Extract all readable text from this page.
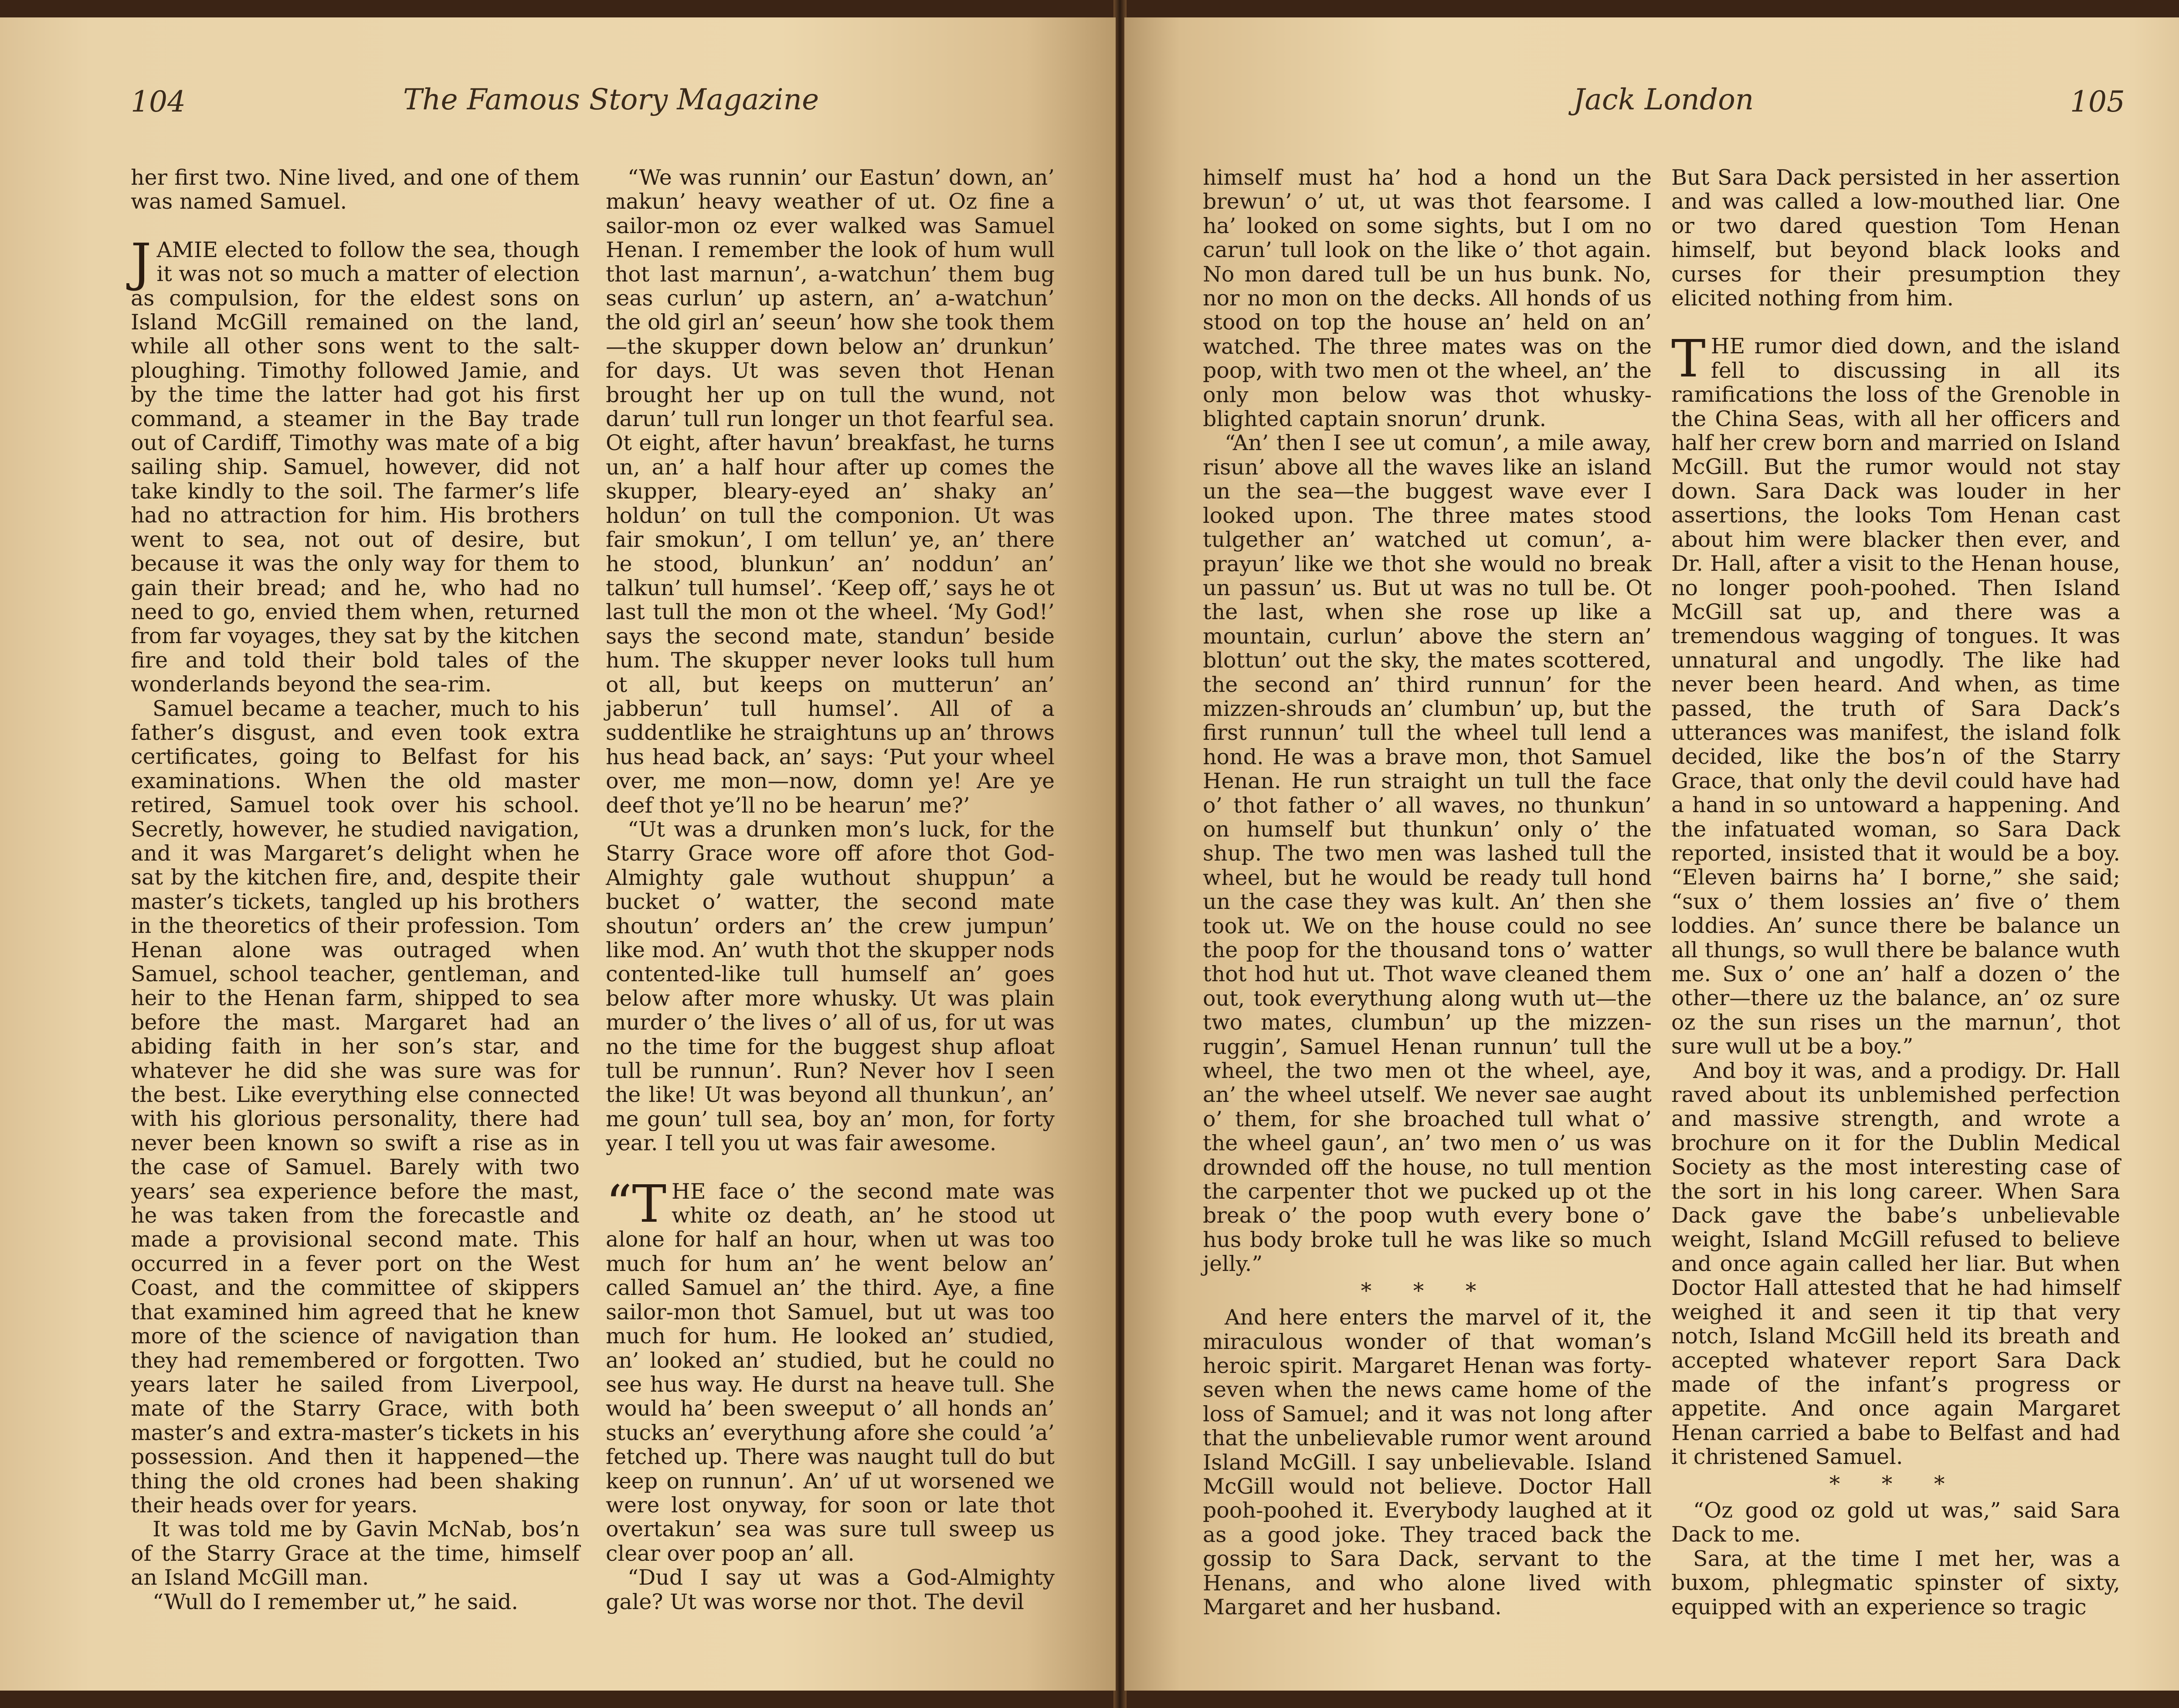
104	The Famous Story Magazine

her first two. Nine lived, and one of them was named Samuel.

JAMIE elected to follow the sea, though it was not so much a matter of election as compulsion, for the eldest sons on Island McGill remained on the land, while all other sons went to the salt-ploughing. Timothy followed Jamie, and by the time the latter had got his first command, a steamer in the Bay trade out of Cardiff, Timothy was mate of a big sailing ship. Samuel, however, did not take kindly to the soil. The farmer’s life had no attraction for him. His brothers went to sea, not out of desire, but because it was the only way for them to gain their bread; and he, who had no need to go, envied them when, returned from far voyages, they sat by the kitchen fire and told their bold tales of the wonderlands beyond the sea-rim.

Samuel became a teacher, much to his father’s disgust, and even took extra certificates, going to Belfast for his examinations. When the old master retired, Samuel took over his school. Secretly, however, he studied navigation, and it was Margaret’s delight when he sat by the kitchen fire, and, despite their master’s tickets, tangled up his brothers in the theoretics of their profession. Tom Henan alone was outraged when Samuel, school teacher, gentleman, and heir to the Henan farm, shipped to sea before the mast. Margaret had an abiding faith in her son’s star, and whatever he did she was sure was for the best. Like everything else connected with his glorious personality, there had never been known so swift a rise as in the case of Samuel. Barely with two years’ sea experience before the mast, he was taken from the forecastle and made a provisional second mate. This occurred in a fever port on the West Coast, and the committee of skippers that examined him agreed that he knew more of the science of navigation than they had remembered or forgotten. Two years later he sailed from Liverpool, mate of the Starry Grace, with both master’s and extra-master’s tickets in his possession. And then it happened—the thing the old crones had been shaking their heads over for years.

It was told me by Gavin McNab, bos’n of the Starry Grace at the time, himself an Island McGill man.

“Wull do I remember ut,” he said.

“We was runnin’ our Eastun’ down, an’ makun’ heavy weather of ut. Oz fine a sailor-mon oz ever walked was Samuel Henan. I remember the look of hum wull thot last marnun’, a-watchun’ them bug seas curlun’ up astern, an’ a-watchun’ the old girl an’ seeun’ how she took them—the skupper down below an’ drunkun’ for days. Ut was seven thot Henan brought her up on tull the wund, not darun’ tull run longer un thot fearful sea. Ot eight, after havun’ breakfast, he turns un, an’ a half hour after up comes the skupper, bleary-eyed an’ shaky an’ holdun’ on tull the componion. Ut was fair smokun’, I om tellun’ ye, an’ there he stood, blunkun’ an’ noddun’ an’ talkun’ tull humsel’. ‘Keep off,’ says he ot last tull the mon ot the wheel. ‘My God!’ says the second mate, standun’ beside hum. The skupper never looks tull hum ot all, but keeps on mutterun’ an’ jabberun’ tull humsel’. All of a suddentlike he straightuns up an’ throws hus head back, an’ says: ‘Put your wheel over, me mon—now, domn ye! Are ye deef thot ye’ll no be hearun’ me?’

“Ut was a drunken mon’s luck, for the Starry Grace wore off afore thot God-Almighty gale wuthout shuppun’ a bucket o’ watter, the second mate shoutun’ orders an’ the crew jumpun’ like mod. An’ wuth thot the skupper nods contented-like tull humself an’ goes below after more whusky. Ut was plain murder o’ the lives o’ all of us, for ut was no the time for the buggest shup afloat tull be runnun’. Run? Never hov I seen the like! Ut was beyond all thunkun’, an’ me goun’ tull sea, boy an’ mon, for forty year. I tell you ut was fair awesome.

“THE face o’ the second mate was white oz death, an’ he stood ut alone for half an hour, when ut was too much for hum an’ he went below an’ called Samuel an’ the third. Aye, a fine sailor-mon thot Samuel, but ut was too much for hum. He looked an’ studied, an’ looked an’ studied, but he could no see hus way. He durst na heave tull. She would ha’ been sweeput o’ all honds an’ stucks an’ everythung afore she could ’a’ fetched up. There was naught tull do but keep on runnun’. An’ uf ut worsened we were lost onyway, for soon or late thot overtakun’ sea was sure tull sweep us clear over poop an’ all.

“Dud I say ut was a God-Almighty gale? Ut was worse nor thot. The devil

Jack London	105

himself must ha’ hod a hond un the brewun’ o’ ut, ut was thot fearsome. I ha’ looked on some sights, but I om no carun’ tull look on the like o’ thot again. No mon dared tull be un hus bunk. No, nor no mon on the decks. All honds of us stood on top the house an’ held on an’ watched. The three mates was on the poop, with two men ot the wheel, an’ the only mon below was thot whusky-blighted captain snorun’ drunk.

“An’ then I see ut comun’, a mile away, risun’ above all the waves like an island un the sea—the buggest wave ever I looked upon. The three mates stood tulgether an’ watched ut comun’, a-prayun’ like we thot she would no break un passun’ us. But ut was no tull be. Ot the last, when she rose up like a mountain, curlun’ above the stern an’ blottun’ out the sky, the mates scottered, the second an’ third runnun’ for the mizzen-shrouds an’ clumbun’ up, but the first runnun’ tull the wheel tull lend a hond. He was a brave mon, thot Samuel Henan. He run straight un tull the face o’ thot father o’ all waves, no thunkun’ on humself but thunkun’ only o’ the shup. The two men was lashed tull the wheel, but he would be ready tull hond un the case they was kult. An’ then she took ut. We on the house could no see the poop for the thousand tons o’ watter thot hod hut ut. Thot wave cleaned them out, took everythung along wuth ut—the two mates, clumbun’ up the mizzen-ruggin’, Samuel Henan runnun’ tull the wheel, the two men ot the wheel, aye, an’ the wheel utself. We never sae aught o’ them, for she broached tull what o’ the wheel gaun’, an’ two men o’ us was drownded off the house, no tull mention the carpenter thot we pucked up ot the break o’ the poop wuth every bone o’ hus body broke tull he was like so much jelly.”

* * *

And here enters the marvel of it, the miraculous wonder of that woman’s heroic spirit. Margaret Henan was forty-seven when the news came home of the loss of Samuel; and it was not long after that the unbelievable rumor went around Island McGill. I say unbelievable. Island McGill would not believe. Doctor Hall pooh-poohed it. Everybody laughed at it as a good joke. They traced back the gossip to Sara Dack, servant to the Henans, and who alone lived with Margaret and her husband.

But Sara Dack persisted in her assertion and was called a low-mouthed liar. One or two dared question Tom Henan himself, but beyond black looks and curses for their presumption they elicited nothing from him.

THE rumor died down, and the island fell to discussing in all its ramifications the loss of the Grenoble in the China Seas, with all her officers and half her crew born and married on Island McGill. But the rumor would not stay down. Sara Dack was louder in her assertions, the looks Tom Henan cast about him were blacker then ever, and Dr. Hall, after a visit to the Henan house, no longer pooh-poohed. Then Island McGill sat up, and there was a tremendous wagging of tongues. It was unnatural and ungodly. The like had never been heard. And when, as time passed, the truth of Sara Dack’s utterances was manifest, the island folk decided, like the bos’n of the Starry Grace, that only the devil could have had a hand in so untoward a happening. And the infatuated woman, so Sara Dack reported, insisted that it would be a boy. “Eleven bairns ha’ I borne,” she said; “sux o’ them lossies an’ five o’ them loddies. An’ sunce there be balance un all thungs, so wull there be balance wuth me. Sux o’ one an’ half a dozen o’ the other—there uz the balance, an’ oz sure oz the sun rises un the marnun’, thot sure wull ut be a boy.”

And boy it was, and a prodigy. Dr. Hall raved about its unblemished perfection and massive strength, and wrote a brochure on it for the Dublin Medical Society as the most interesting case of the sort in his long career. When Sara Dack gave the babe’s unbelievable weight, Island McGill refused to believe and once again called her liar. But when Doctor Hall attested that he had himself weighed it and seen it tip that very notch, Island McGill held its breath and accepted whatever report Sara Dack made of the infant’s progress or appetite. And once again Margaret Henan carried a babe to Belfast and had it christened Samuel.

* * *

“Oz good oz gold ut was,” said Sara Dack to me.

Sara, at the time I met her, was a buxom, phlegmatic spinster of sixty, equipped with an experience so tragic
